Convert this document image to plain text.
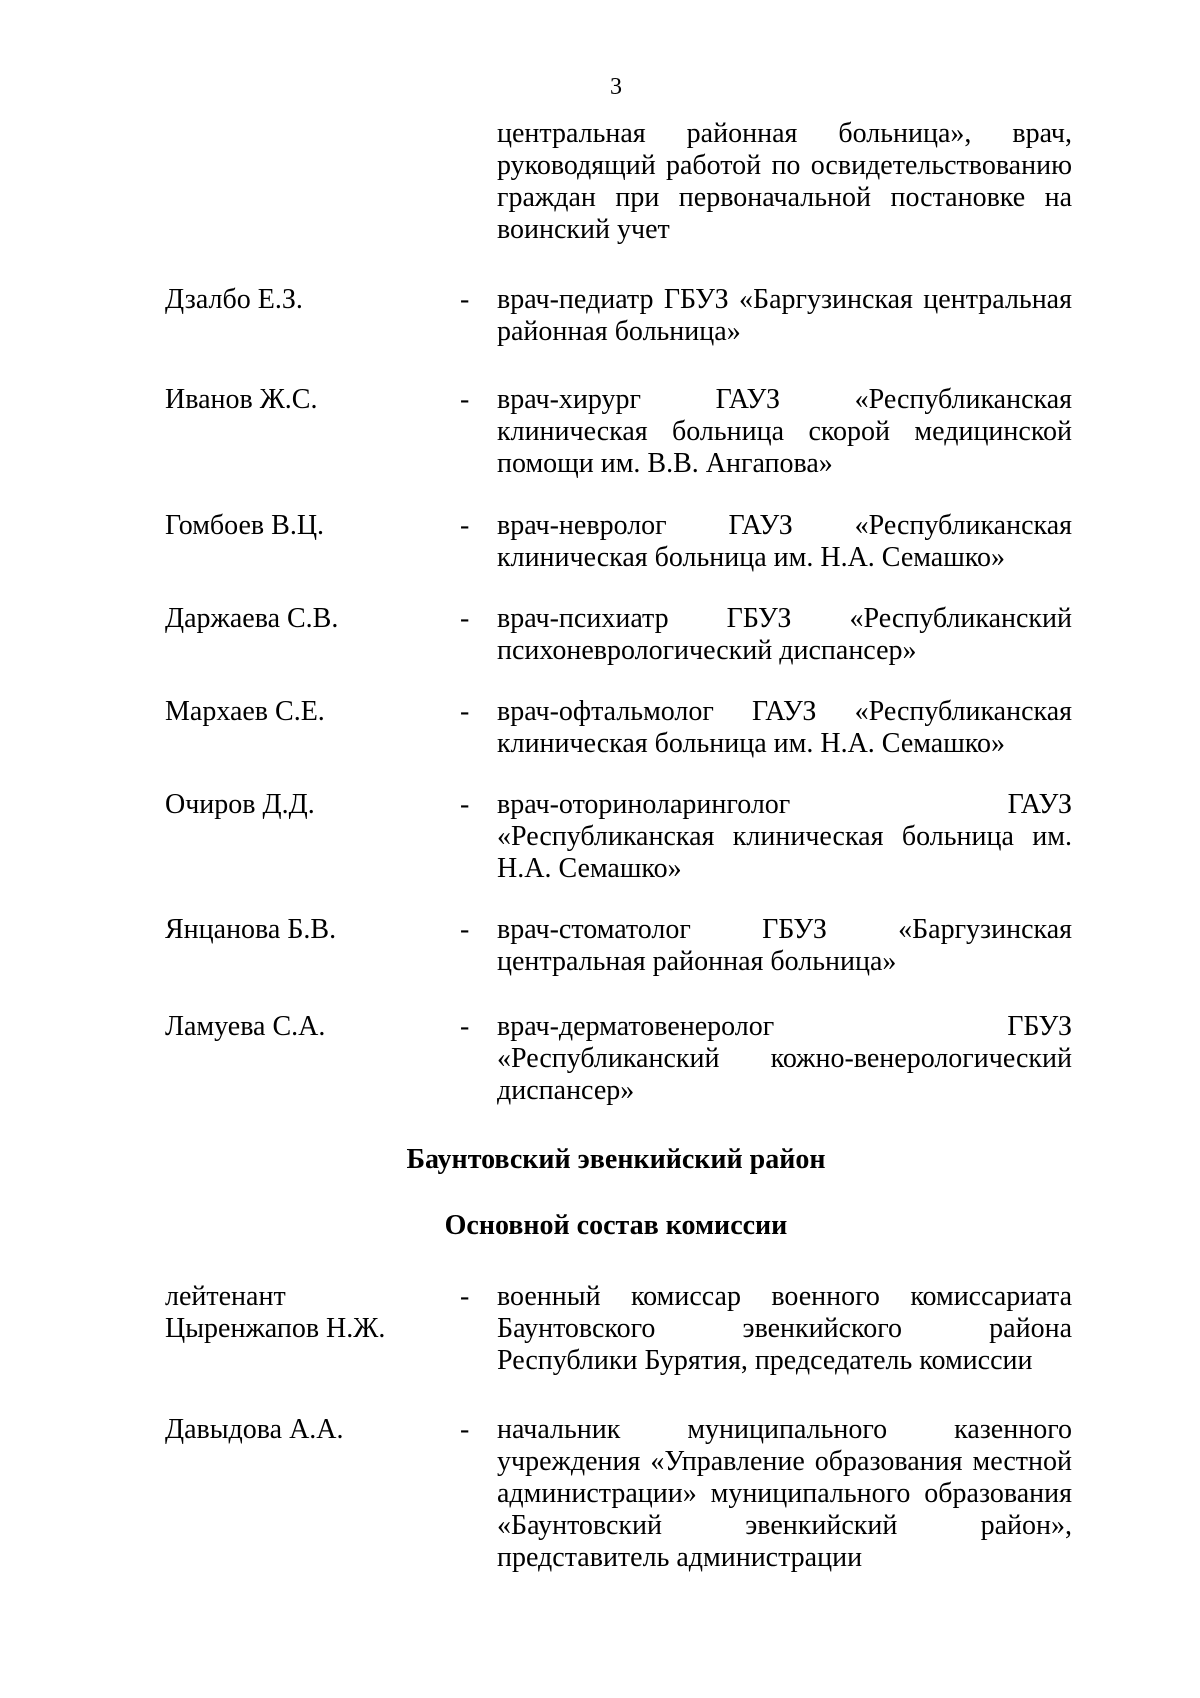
3
центральная районная больница», врач,
руководящий работой по освидетельствованию
граждан при первоначальной постановке на
воинский учет
Дзалбо Е.З.	- врач-педиатр ГБУЗ «Баргузинская центральная
районная больница»
Иванов Ж.С.	- врач-хирург ГАУЗ «Республиканская
клиническая больница скорой медицинской
помощи им. В.В. Ангапова»
Гомбоев В.Ц.	- врач-невролог ГАУЗ «Республиканская
клиническая больница им. Н.А. Семашко»
Даржаева С.В.	- врач-психиатр ГБУЗ «Республиканский
психоневрологический диспансер»
Мархаев С.Е.	- врач-офтальмолог ГАУЗ «Республиканская
клиническая больница им. Н.А. Семашко»
Очиров Д.Д.	- врач-оториноларинголог ГАУЗ
«Республиканская клиническая больница им.
Н.А. Семашко»
Янцанова Б.В.	- врач-стоматолог ГБУЗ «Баргузинская
центральная районная больница»
Ламуева С.А.	- врач-дерматовенеролог ГБУЗ
«Республиканский кожно-венерологический
диспансер»
Баунтовский эвенкийский район
Основной состав комиссии
лейтенант
Цыренжапов Н.Ж.
- военный комиссар военного комиссариата
Баунтовского эвенкийского района
Республики Бурятия, председатель комиссии
Давыдова А.А.	- начальник муниципального казенного
учреждения «Управление образования местной
администрации» муниципального образования
«Баунтовский эвенкийский район»,
представитель администрации
